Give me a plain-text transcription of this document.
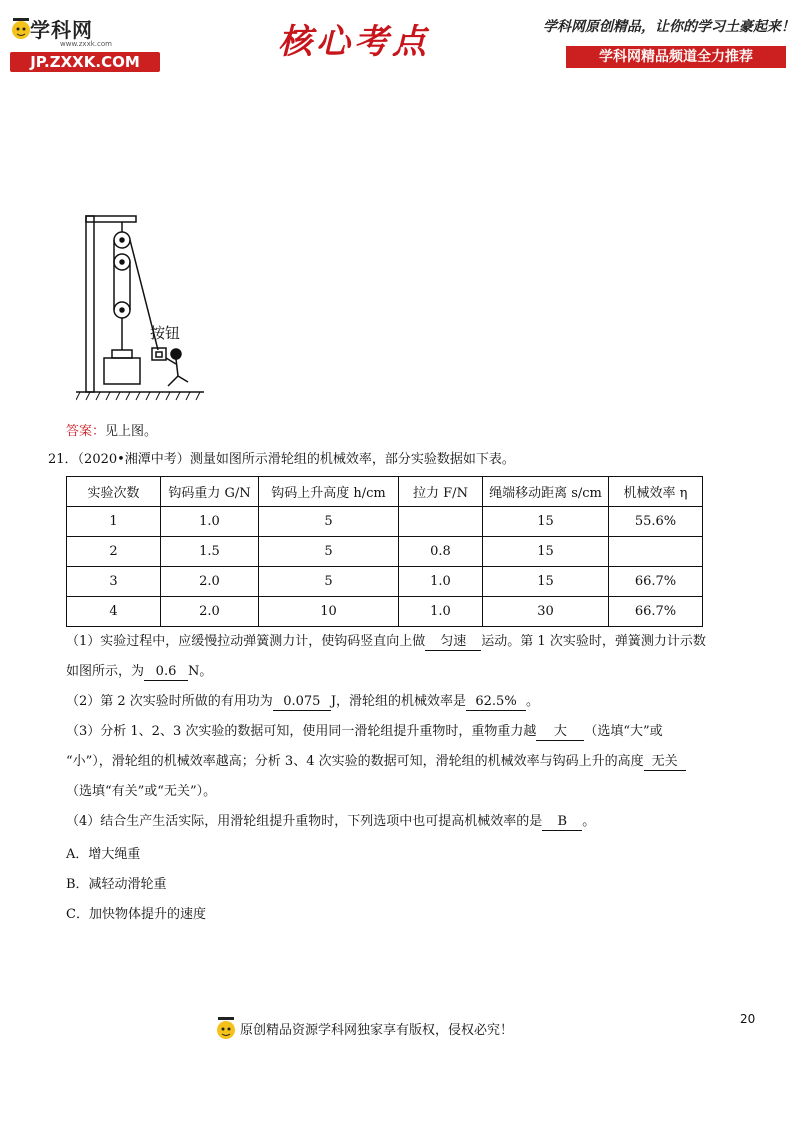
学科网
www.zxxk.com
JP.ZXXK.COM	核心考点	学科网原创精品，让你的学习土豪起来！
学科网精品频道全力推荐
按钮
答案：见上图。
21．（2020•湘潭中考）测量如图所示滑轮组的机械效率，部分实验数据如下表。
实验次数	钩码重力 G/N	钩码上升高度 h/cm	拉力 F/N	绳端移动距离 s/cm	机械效率 η
1	1.0	5		15	55.6%
2	1.5	5	0.8	15	
3	2.0	5	1.0	15	66.7%
4	2.0	10	1.0	30	66.7%
（1）实验过程中，应缓慢拉动弹簧测力计，使钩码竖直向上做 匀速 运动。第 1 次实验时，弹簧测力计示数
如图所示，为 0.6 N。
（2）第 2 次实验时所做的有用功为 0.075 J，滑轮组的机械效率是 62.5% 。
（3）分析 1、2、3 次实验的数据可知，使用同一滑轮组提升重物时，重物重力越 大 （选填“大”或
“小”），滑轮组的机械效率越高；分析 3、4 次实验的数据可知，滑轮组的机械效率与钩码上升的高度 无关
（选填“有关”或“无关”）。
（4）结合生产生活实际，用滑轮组提升重物时，下列选项中也可提高机械效率的是 B 。
A．增大绳重
B．减轻动滑轮重
C．加快物体提升的速度
原创精品资源学科网独家享有版权，侵权必究！
20
